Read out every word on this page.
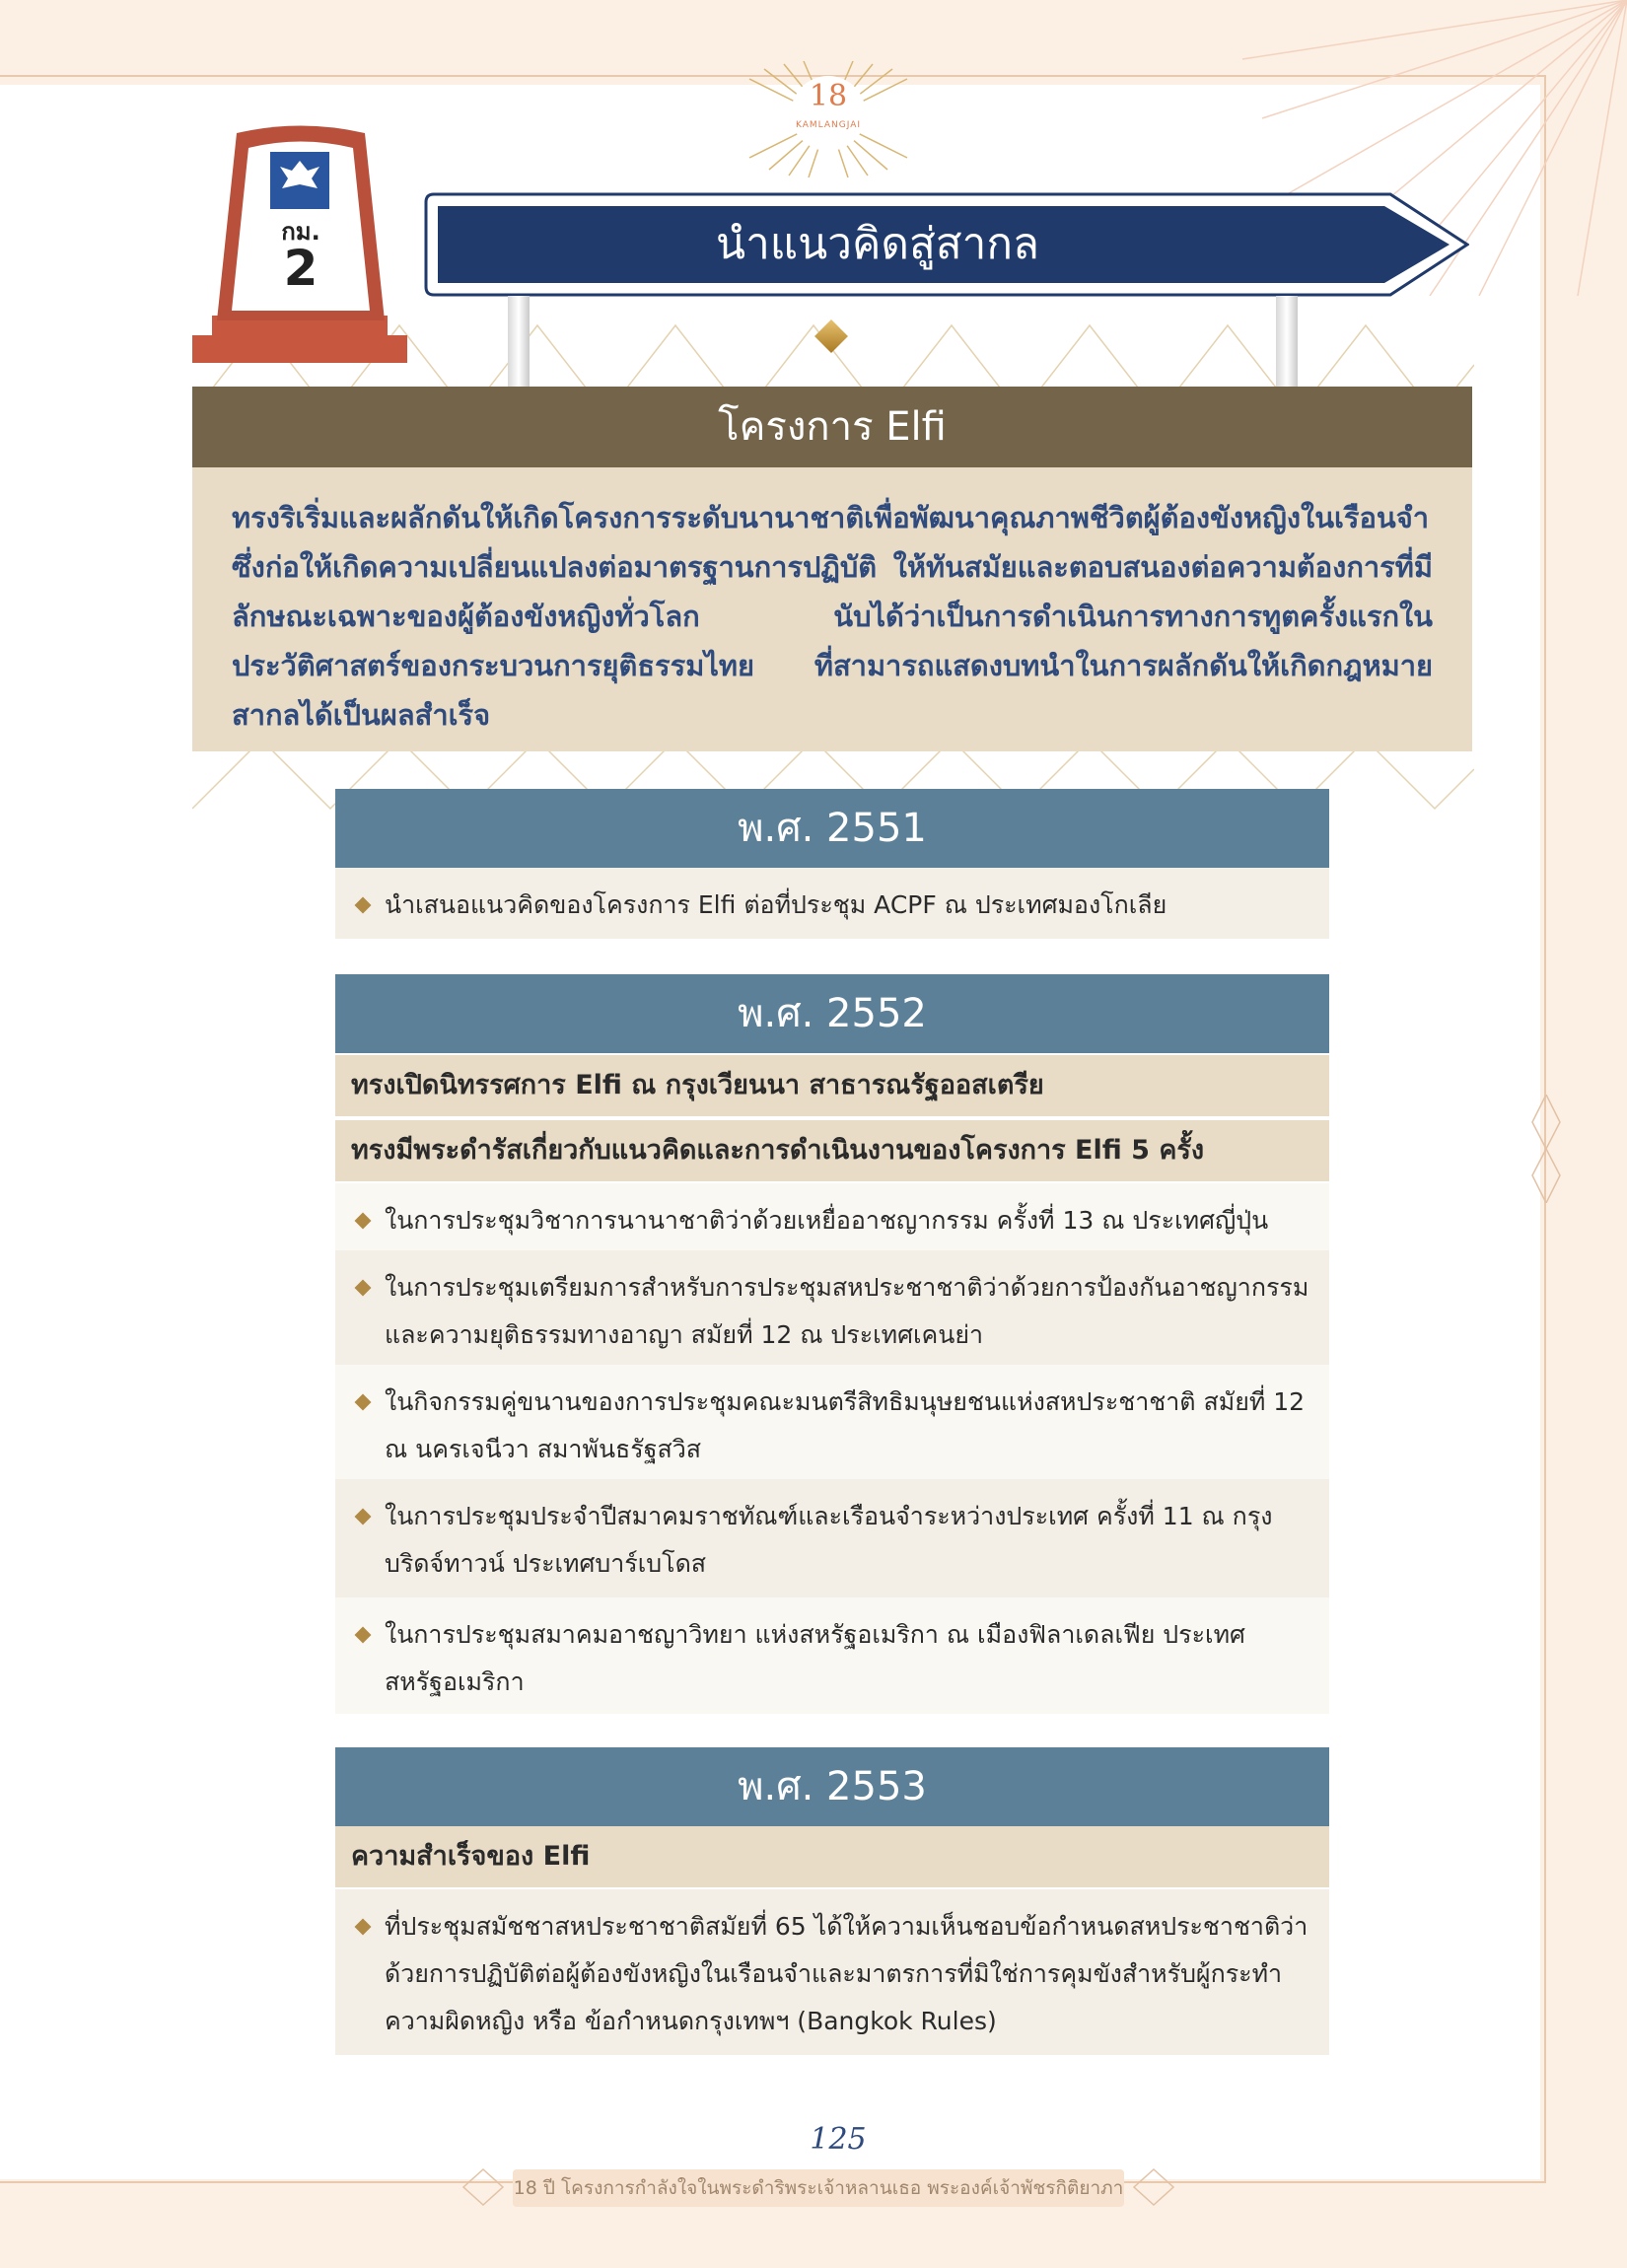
18
KAMLANGJAI
กม.
2	นำแนวคิดสู่สากล
โครงการ Elfi

ทรงริเริ่มและผลักดันให้เกิดโครงการระดับนานาชาติเพื่อพัฒนาคุณภาพชีวิตผู้ต้องขังหญิงในเรือนจำซึ่งก่อให้เกิดความเปลี่ยนแปลงต่อมาตรฐานการปฏิบัติ ให้ทันสมัยและตอบสนองต่อความต้องการที่มีลักษณะเฉพาะของผู้ต้องขังหญิงทั่วโลก นับได้ว่าเป็นการดำเนินการทางการทูตครั้งแรกในประวัติศาสตร์ของกระบวนการยุติธรรมไทย ที่สามารถแสดงบทนำในการผลักดันให้เกิดกฎหมายสากลได้เป็นผลสำเร็จ

พ.ศ. 2551
นำเสนอแนวคิดของโครงการ Elfi ต่อที่ประชุม ACPF ณ ประเทศมองโกเลีย
พ.ศ. 2552
ทรงเปิดนิทรรศการ Elfi ณ กรุงเวียนนา สาธารณรัฐออสเตรีย
ทรงมีพระดำรัสเกี่ยวกับแนวคิดและการดำเนินงานของโครงการ Elfi 5 ครั้ง
ในการประชุมวิชาการนานาชาติว่าด้วยเหยื่ออาชญากรรม ครั้งที่ 13 ณ ประเทศญี่ปุ่น
ในการประชุมเตรียมการสำหรับการประชุมสหประชาชาติว่าด้วยการป้องกันอาชญากรรมและความยุติธรรมทางอาญา สมัยที่ 12 ณ ประเทศเคนย่า
ในกิจกรรมคู่ขนานของการประชุมคณะมนตรีสิทธิมนุษยชนแห่งสหประชาชาติ สมัยที่ 12 ณ นครเจนีวา สมาพันธรัฐสวิส
ในการประชุมประจำปีสมาคมราชทัณฑ์และเรือนจำระหว่างประเทศ ครั้งที่ 11 ณ กรุงบริดจ์ทาวน์ ประเทศบาร์เบโดส
ในการประชุมสมาคมอาชญาวิทยา แห่งสหรัฐอเมริกา ณ เมืองฟิลาเดลเฟีย ประเทศสหรัฐอเมริกา
พ.ศ. 2553
ความสำเร็จของ Elfi
ที่ประชุมสมัชชาสหประชาชาติสมัยที่ 65 ได้ให้ความเห็นชอบข้อกำหนดสหประชาชาติว่าด้วยการปฏิบัติต่อผู้ต้องขังหญิงในเรือนจำและมาตรการที่มิใช่การคุมขังสำหรับผู้กระทำความผิดหญิง หรือ ข้อกำหนดกรุงเทพฯ (Bangkok Rules)
125
18 ปี โครงการกำลังใจในพระดำริพระเจ้าหลานเธอ พระองค์เจ้าพัชรกิติยาภา
